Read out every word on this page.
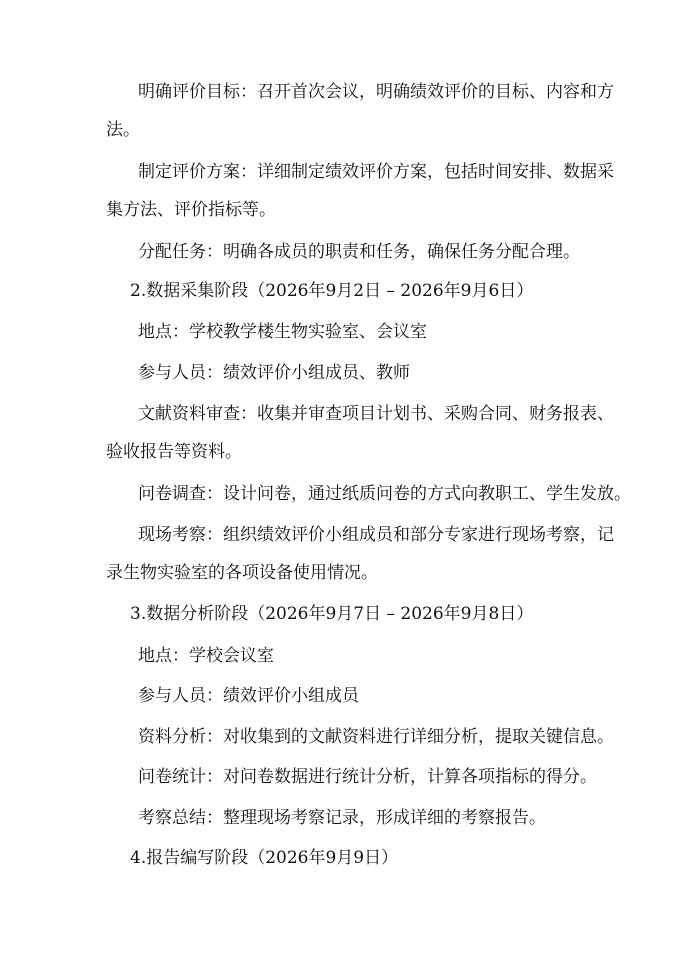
明确评价目标：召开首次会议，明确绩效评价的目标、内容和方
法。
制定评价方案：详细制定绩效评价方案，包括时间安排、数据采
集方法、评价指标等。
分配任务：明确各成员的职责和任务，确保任务分配合理。
2.数据采集阶段（2026年9月2日 – 2026年9月6日）
地点：学校教学楼生物实验室、会议室
参与人员：绩效评价小组成员、教师
文献资料审查：收集并审查项目计划书、采购合同、财务报表、
验收报告等资料。
问卷调查：设计问卷，通过纸质问卷的方式向教职工、学生发放。
现场考察：组织绩效评价小组成员和部分专家进行现场考察，记
录生物实验室的各项设备使用情况。
3.数据分析阶段（2026年9月7日 – 2026年9月8日）
地点：学校会议室
参与人员：绩效评价小组成员
资料分析：对收集到的文献资料进行详细分析，提取关键信息。
问卷统计：对问卷数据进行统计分析，计算各项指标的得分。
考察总结：整理现场考察记录，形成详细的考察报告。
4.报告编写阶段（2026年9月9日）
